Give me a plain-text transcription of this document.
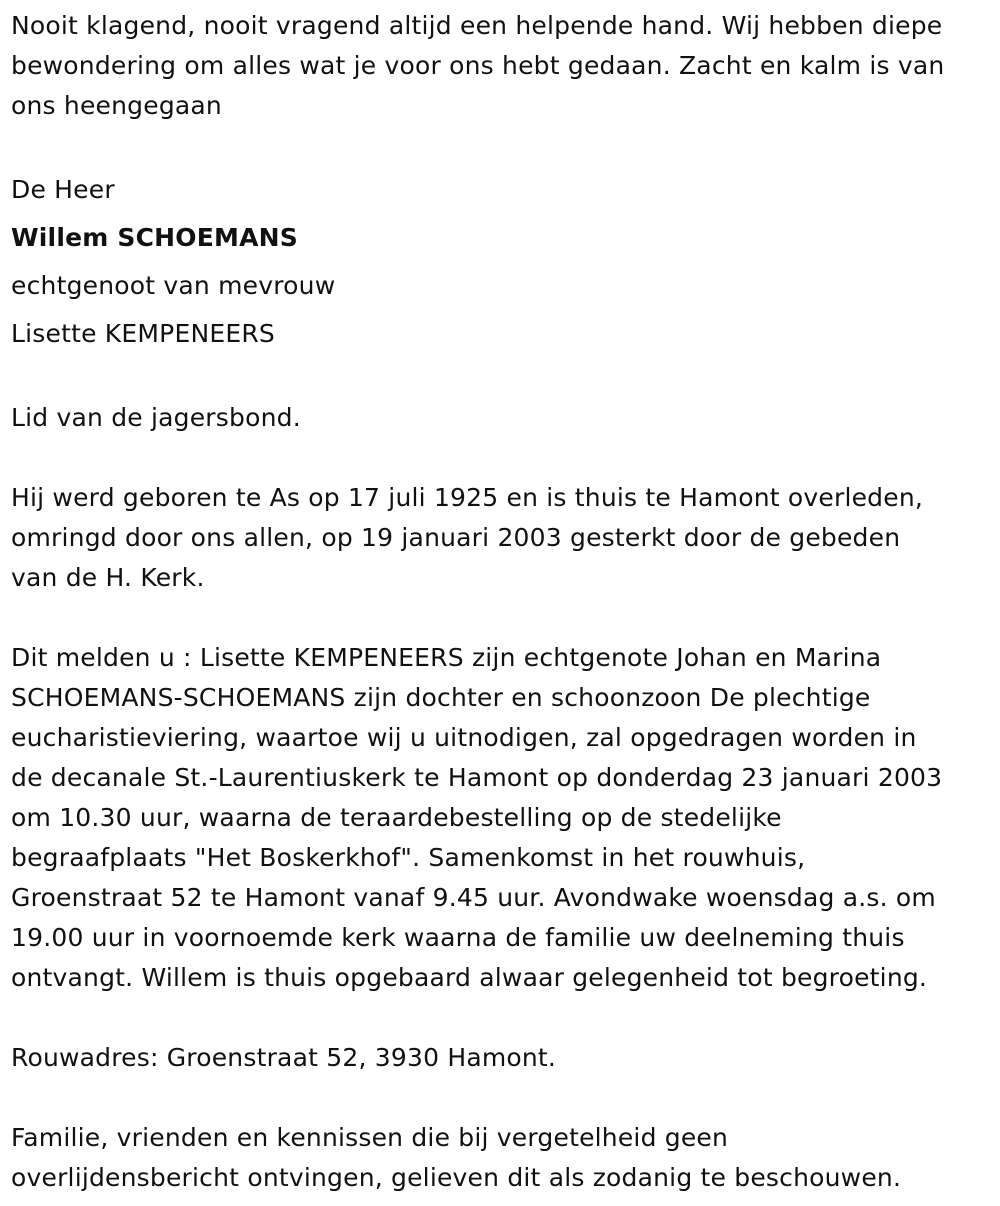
Nooit klagend, nooit vragend altijd een helpende hand. Wij hebben diepe
bewondering om alles wat je voor ons hebt gedaan. Zacht en kalm is van
ons heengegaan

De Heer
Willem SCHOEMANS
echtgenoot van mevrouw
Lisette KEMPENEERS

Lid van de jagersbond.

Hij werd geboren te As op 17 juli 1925 en is thuis te Hamont overleden,
omringd door ons allen, op 19 januari 2003 gesterkt door de gebeden
van de H. Kerk.

Dit melden u : Lisette KEMPENEERS zijn echtgenote Johan en Marina
SCHOEMANS-SCHOEMANS zijn dochter en schoonzoon De plechtige
eucharistieviering, waartoe wij u uitnodigen, zal opgedragen worden in
de decanale St.-Laurentiuskerk te Hamont op donderdag 23 januari 2003
om 10.30 uur, waarna de teraardebestelling op de stedelijke
begraafplaats "Het Boskerkhof". Samenkomst in het rouwhuis,
Groenstraat 52 te Hamont vanaf 9.45 uur. Avondwake woensdag a.s. om
19.00 uur in voornoemde kerk waarna de familie uw deelneming thuis
ontvangt. Willem is thuis opgebaard alwaar gelegenheid tot begroeting.

Rouwadres: Groenstraat 52, 3930 Hamont.

Familie, vrienden en kennissen die bij vergetelheid geen
overlijdensbericht ontvingen, gelieven dit als zodanig te beschouwen.
